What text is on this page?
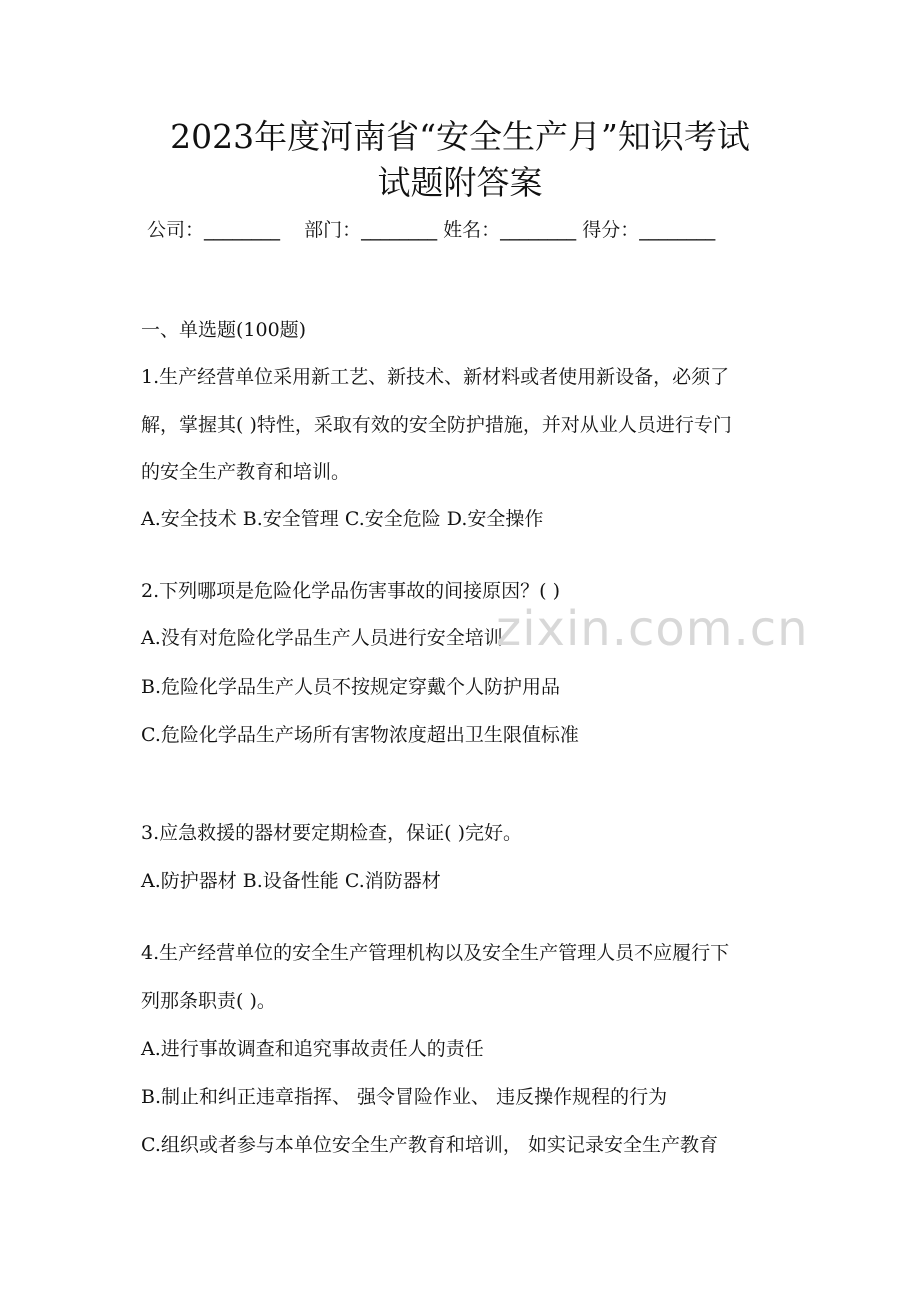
2023年度河南省“安全生产月”知识考试
试题附答案
公司：________ 部门：________ 姓名：________ 得分：________
一、单选题(100题)
1.生产经营单位采用新工艺、新技术、新材料或者使用新设备，必须了
解，掌握其( )特性，采取有效的安全防护措施，并对从业人员进行专门
的安全生产教育和培训。
A.安全技术 B.安全管理 C.安全危险 D.安全操作
2.下列哪项是危险化学品伤害事故的间接原因？( )
A.没有对危险化学品生产人员进行安全培训
B.危险化学品生产人员不按规定穿戴个人防护用品
C.危险化学品生产场所有害物浓度超出卫生限值标准
3.应急救援的器材要定期检查，保证( )完好。
A.防护器材 B.设备性能 C.消防器材
4.生产经营单位的安全生产管理机构以及安全生产管理人员不应履行下
列那条职责( )。
A.进行事故调查和追究事故责任人的责任
B.制止和纠正违章指挥、 强令冒险作业、 违反操作规程的行为
C.组织或者参与本单位安全生产教育和培训， 如实记录安全生产教育
zixin.com.cn
